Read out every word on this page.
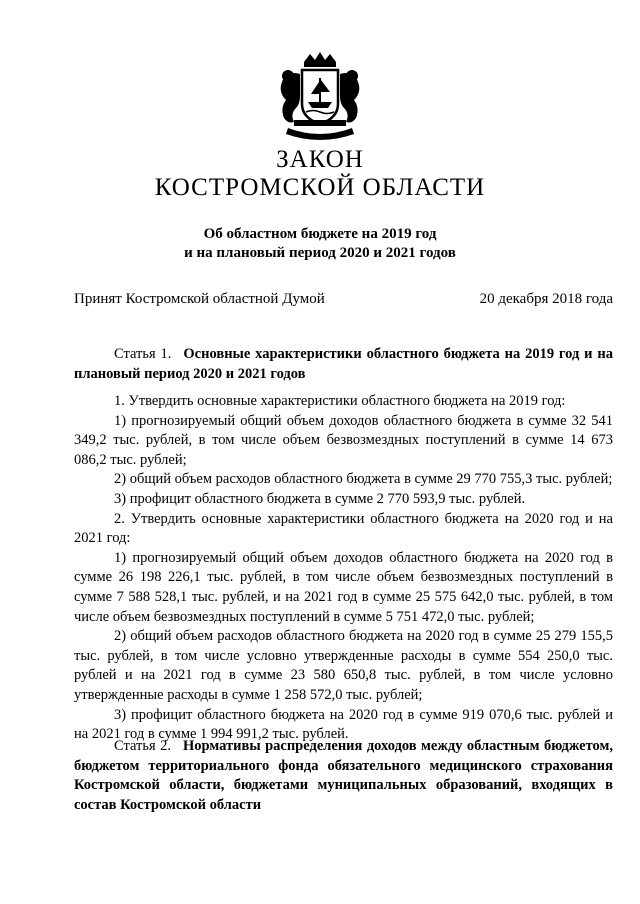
ЗАКОН
КОСТРОМСКОЙ ОБЛАСТИ
Об областном бюджете на 2019 год
и на плановый период 2020 и 2021 годов
Принят Костромской областной Думой	20 декабря 2018 года

Статья 1. Основные характеристики областного бюджета на 2019 год и на плановый период 2020 и 2021 годов

1. Утвердить основные характеристики областного бюджета на 2019 год:

1) прогнозируемый общий объем доходов областного бюджета в сумме 32 541 349,2 тыс. рублей, в том числе объем безвозмездных поступлений в сумме 14 673 086,2 тыс. рублей;

2) общий объем расходов областного бюджета в сумме 29 770 755,3 тыс. рублей;

3) профицит областного бюджета в сумме 2 770 593,9 тыс. рублей.

2. Утвердить основные характеристики областного бюджета на 2020 год и на 2021 год:

1) прогнозируемый общий объем доходов областного бюджета на 2020 год в сумме 26 198 226,1 тыс. рублей, в том числе объем безвозмездных поступлений в сумме 7 588 528,1 тыс. рублей, и на 2021 год в сумме 25 575 642,0 тыс. рублей, в том числе объем безвозмездных поступлений в сумме 5 751 472,0 тыс. рублей;

2) общий объем расходов областного бюджета на 2020 год в сумме 25 279 155,5 тыс. рублей, в том числе условно утвержденные расходы в сумме 554 250,0 тыс. рублей и на 2021 год в сумме 23 580 650,8 тыс. рублей, в том числе условно утвержденные расходы в сумме 1 258 572,0 тыс. рублей;

3) профицит областного бюджета на 2020 год в сумме 919 070,6 тыс. рублей и на 2021 год в сумме 1 994 991,2 тыс. рублей.

Статья 2. Нормативы распределения доходов между областным бюджетом, бюджетом территориального фонда обязательного медицинского страхования Костромской области, бюджетами муниципальных образований, входящих в состав Костромской области
